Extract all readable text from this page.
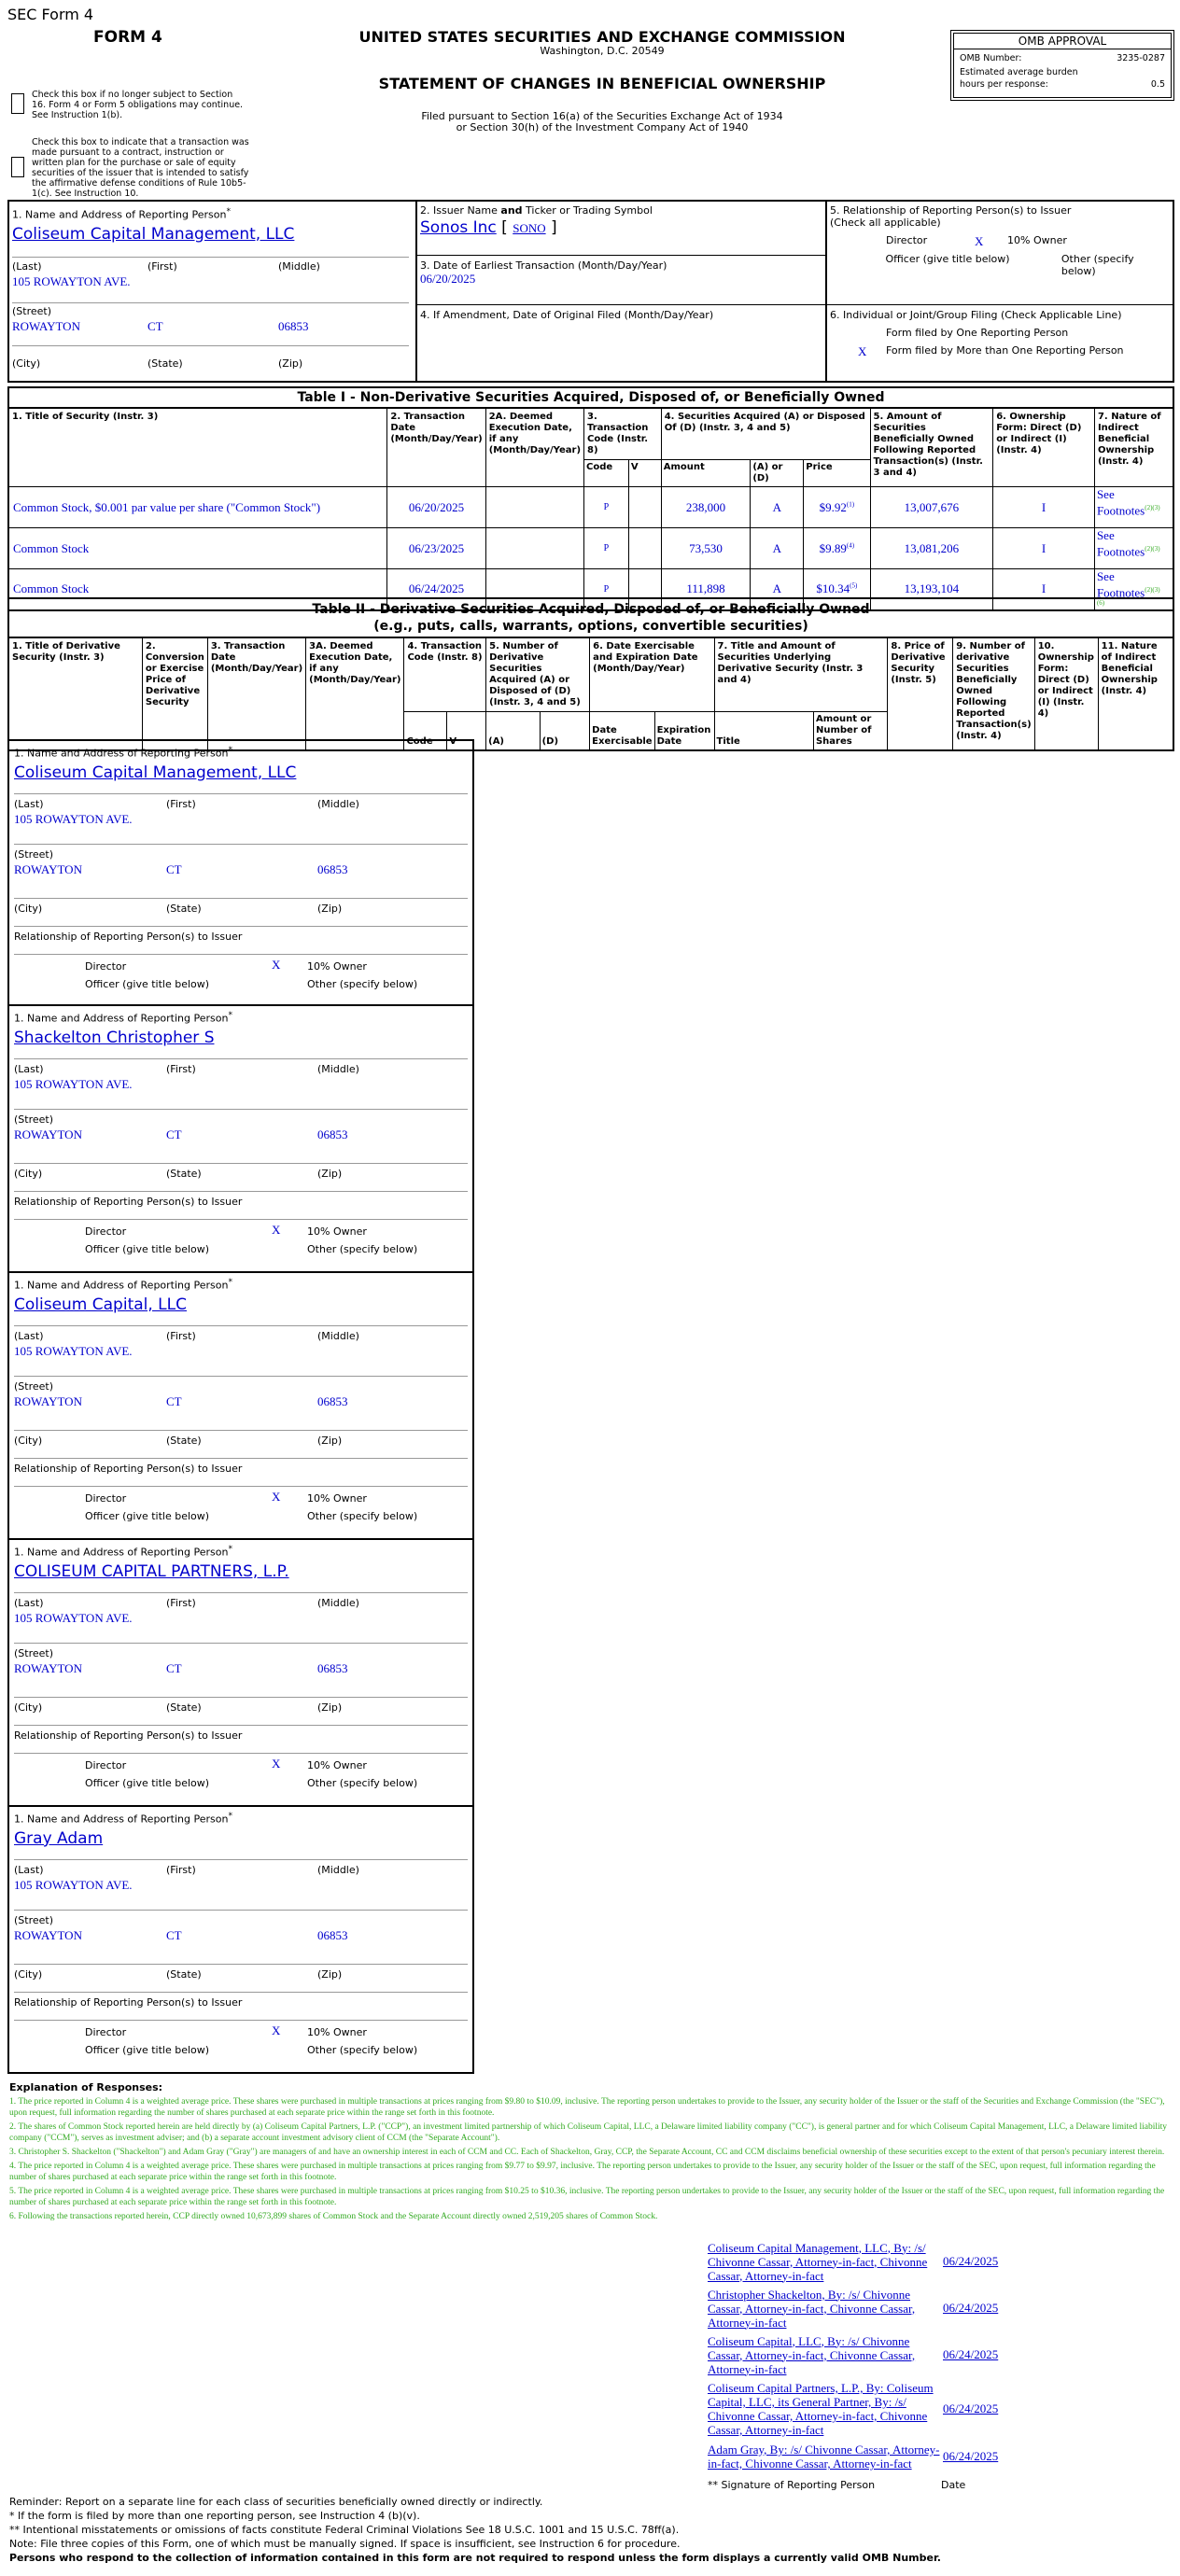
SEC Form 4
FORM 4	UNITED STATES SECURITIES AND EXCHANGE COMMISSION
Washington, D.C. 20549
STATEMENT OF CHANGES IN BENEFICIAL OWNERSHIP
Filed pursuant to Section 16(a) of the Securities Exchange Act of 1934
or Section 30(h) of the Investment Company Act of 1940
OMB APPROVAL
OMB Number:	3235-0287
Estimated average burden
hours per response:	0.5
Check this box if no longer subject to Section 16. Form 4 or Form 5 obligations may continue. See Instruction 1(b).
Check this box to indicate that a transaction was made pursuant to a contract, instruction or written plan for the purchase or sale of equity securities of the issuer that is intended to satisfy the affirmative defense conditions of Rule 10b5-1(c). See Instruction 10.
1. Name and Address of Reporting Person*
Coliseum Capital Management, LLC
(Last)	(First)	(Middle)
105 ROWAYTON AVE.
(Street)
ROWAYTON	CT	06853
(City)	(State)	(Zip)
2. Issuer Name and Ticker or Trading Symbol
Sonos Inc [ SONO ]
3. Date of Earliest Transaction (Month/Day/Year)
06/20/2025
4. If Amendment, Date of Original Filed (Month/Day/Year)
5. Relationship of Reporting Person(s) to Issuer
(Check all applicable)
Director	X	10% Owner
Officer (give title below)	Other (specify below)
6. Individual or Joint/Group Filing (Check Applicable Line)
Form filed by One Reporting Person
X	Form filed by More than One Reporting Person
Table I - Non-Derivative Securities Acquired, Disposed of, or Beneficially Owned
1. Title of Security (Instr. 3)	2. Transaction Date (Month/Day/Year)	2A. Deemed Execution Date, if any (Month/Day/Year)	3. Transaction Code (Instr. 8)		4. Securities Acquired (A) or Disposed Of (D) (Instr. 3, 4 and 5)			5. Amount of Securities Beneficially Owned Following Reported Transaction(s) (Instr. 3 and 4)	6. Ownership Form: Direct (D) or Indirect (I) (Instr. 4)	7. Nature of Indirect Beneficial Ownership (Instr. 4)
			Code	V	Amount	(A) or (D)	Price			
Common Stock, $0.001 par value per share ("Common Stock")	06/20/2025		P		238,000	A	$9.92$^{(1)}$	13,007,676	I	See Footnotes$^{(2)(3)}$

Common Stock	06/23/2025		P		73,530	A	$9.89$^{(4)}$	13,081,206	I	See Footnotes$^{(2)(3)}$

Common Stock	06/24/2025		P		111,898	A	$10.34$^{(5)}$	13,193,104	I	See Footnotes$^{(2)(3)}$
(6)
Table II - Derivative Securities Acquired, Disposed of, or Beneficially Owned
(e.g., puts, calls, warrants, options, convertible securities)
1. Title of Derivative Security (Instr. 3)	2. Conversion or Exercise Price of Derivative Security	3. Transaction Date (Month/Day/Year)	3A. Deemed Execution Date, if any (Month/Day/Year)	4. Transaction Code (Instr. 8)		5. Number of Derivative Securities Acquired (A) or Disposed of (D) (Instr. 3, 4 and 5)		6. Date Exercisable and Expiration Date (Month/Day/Year)		7. Title and Amount of Securities Underlying Derivative Security (Instr. 3 and 4)		8. Price of Derivative Security (Instr. 5)	9. Number of derivative Securities Beneficially Owned Following Reported Transaction(s) (Instr. 4)	10. Ownership Form: Direct (D) or Indirect (I) (Instr. 4)	11. Nature of Indirect Beneficial Ownership (Instr. 4)
				Code	V	(A)	(D)	Date Exercisable	Expiration Date	Title	Amount or Number of Shares				
1. Name and Address of Reporting Person*
Coliseum Capital Management, LLC
(Last)	(First)	(Middle)
105 ROWAYTON AVE.
(Street)
ROWAYTON	CT	06853
(City)	(State)	(Zip)
Relationship of Reporting Person(s) to Issuer
Director	X	10% Owner
Officer (give title below)	Other (specify below)
1. Name and Address of Reporting Person*
Shackelton Christopher S
(Last)	(First)	(Middle)
105 ROWAYTON AVE.
(Street)
ROWAYTON	CT	06853
(City)	(State)	(Zip)
Relationship of Reporting Person(s) to Issuer
Director	X	10% Owner
Officer (give title below)	Other (specify below)
1. Name and Address of Reporting Person*
Coliseum Capital, LLC
(Last)	(First)	(Middle)
105 ROWAYTON AVE.
(Street)
ROWAYTON	CT	06853
(City)	(State)	(Zip)
Relationship of Reporting Person(s) to Issuer
Director	X	10% Owner
Officer (give title below)	Other (specify below)
1. Name and Address of Reporting Person*
COLISEUM CAPITAL PARTNERS, L.P.
(Last)	(First)	(Middle)
105 ROWAYTON AVE.
(Street)
ROWAYTON	CT	06853
(City)	(State)	(Zip)
Relationship of Reporting Person(s) to Issuer
Director	X	10% Owner
Officer (give title below)	Other (specify below)
1. Name and Address of Reporting Person*
Gray Adam
(Last)	(First)	(Middle)
105 ROWAYTON AVE.
(Street)
ROWAYTON	CT	06853
(City)	(State)	(Zip)
Relationship of Reporting Person(s) to Issuer
Director	X	10% Owner
Officer (give title below)	Other (specify below)
Explanation of Responses:
1. The price reported in Column 4 is a weighted average price. These shares were purchased in multiple transactions at prices ranging from $9.80 to $10.09, inclusive. The reporting person undertakes to provide to the Issuer, any security holder of the Issuer or the staff of the Securities and Exchange Commission (the "SEC"), upon request, full information regarding the number of shares purchased at each separate price within the range set forth in this footnote.
2. The shares of Common Stock reported herein are held directly by (a) Coliseum Capital Partners, L.P. ("CCP"), an investment limited partnership of which Coliseum Capital, LLC, a Delaware limited liability company ("CC"), is general partner and for which Coliseum Capital Management, LLC, a Delaware limited liability company ("CCM"), serves as investment adviser; and (b) a separate account investment advisory client of CCM (the "Separate Account").
3. Christopher S. Shackelton ("Shackelton") and Adam Gray ("Gray") are managers of and have an ownership interest in each of CCM and CC. Each of Shackelton, Gray, CCP, the Separate Account, CC and CCM disclaims beneficial ownership of these securities except to the extent of that person's pecuniary interest therein.
4. The price reported in Column 4 is a weighted average price. These shares were purchased in multiple transactions at prices ranging from $9.77 to $9.97, inclusive. The reporting person undertakes to provide to the Issuer, any security holder of the Issuer or the staff of the SEC, upon request, full information regarding the number of shares purchased at each separate price within the range set forth in this footnote.
5. The price reported in Column 4 is a weighted average price. These shares were purchased in multiple transactions at prices ranging from $10.25 to $10.36, inclusive. The reporting person undertakes to provide to the Issuer, any security holder of the Issuer or the staff of the SEC, upon request, full information regarding the number of shares purchased at each separate price within the range set forth in this footnote.
6. Following the transactions reported herein, CCP directly owned 10,673,899 shares of Common Stock and the Separate Account directly owned 2,519,205 shares of Common Stock.
Coliseum Capital Management, LLC, By: /s/ Chivonne Cassar, Attorney-in-fact, Chivonne Cassar, Attorney-in-fact
06/24/2025
Christopher Shackelton, By: /s/ Chivonne Cassar, Attorney-in-fact, Chivonne Cassar, Attorney-in-fact
06/24/2025
Coliseum Capital, LLC, By: /s/ Chivonne Cassar, Attorney-in-fact, Chivonne Cassar, Attorney-in-fact
06/24/2025
Coliseum Capital Partners, L.P., By: Coliseum Capital, LLC, its General Partner, By: /s/ Chivonne Cassar, Attorney-in-fact, Chivonne Cassar, Attorney-in-fact
06/24/2025
Adam Gray, By: /s/ Chivonne Cassar, Attorney-in-fact, Chivonne Cassar, Attorney-in-fact
06/24/2025
** Signature of Reporting Person	Date
Reminder: Report on a separate line for each class of securities beneficially owned directly or indirectly.
* If the form is filed by more than one reporting person, see Instruction 4 (b)(v).
** Intentional misstatements or omissions of facts constitute Federal Criminal Violations See 18 U.S.C. 1001 and 15 U.S.C. 78ff(a).
Note: File three copies of this Form, one of which must be manually signed. If space is insufficient, see Instruction 6 for procedure.
Persons who respond to the collection of information contained in this form are not required to respond unless the form displays a currently valid OMB Number.
